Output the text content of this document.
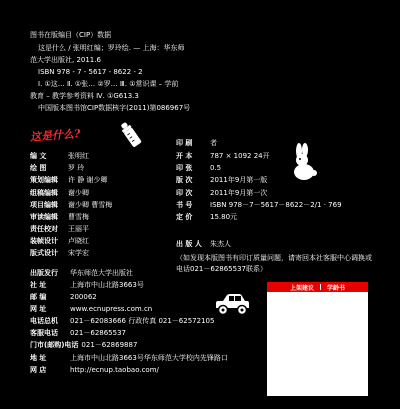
图书在版编目（CIP）数据
这是什么 / 张明红编；罗玲绘. — 上海：华东师
范大学出版社, 2011.6
ISBN 978 - 7 - 5617 - 8622 - 2
Ⅰ. ①这… Ⅱ. ①张… ②罗… Ⅲ. ①常识课 – 学前
教育 – 教学参考资料 Ⅳ. ①G613.3
中国版本图书馆CIP数据核字(2011)第086967号
这是什么?
编 文	张明红
绘 图	罗 玲
策划编辑 许 静 谢少卿
组稿编辑 谢少卿
项目编辑 谢少卿 曹雪梅
审读编辑 曹雪梅
责任校对 王丽平
装帧设计 卢晓红
版式设计 宋学宏
印 刷	者
开 本	787 × 1092 24开
印 张	0.5
版 次	2011年9月第一版
印 次	2011年9月第一次
书 号	ISBN 978－7－5617－8622－2/1 · 769
定 价	15.80元
出 版 人 朱杰人
（如发现本版图书有印订质量问题，请寄回本社客服中心调换或
电话021－62865537联系）
出版发行 华东师范大学出版社
社 址	上海市中山北路3663号
邮 编	200062
网 址	www.ecnupress.com.cn
电话总机 021－62083666 行政传真 021－62572105
客服电话 021－62865537
门市(邮购)电话 021－62869887
地 址	上海市中山北路3663号华东师范大学校内先锋路口
网 店	http://ecnup.taobao.com/
上架建议 学龄书
